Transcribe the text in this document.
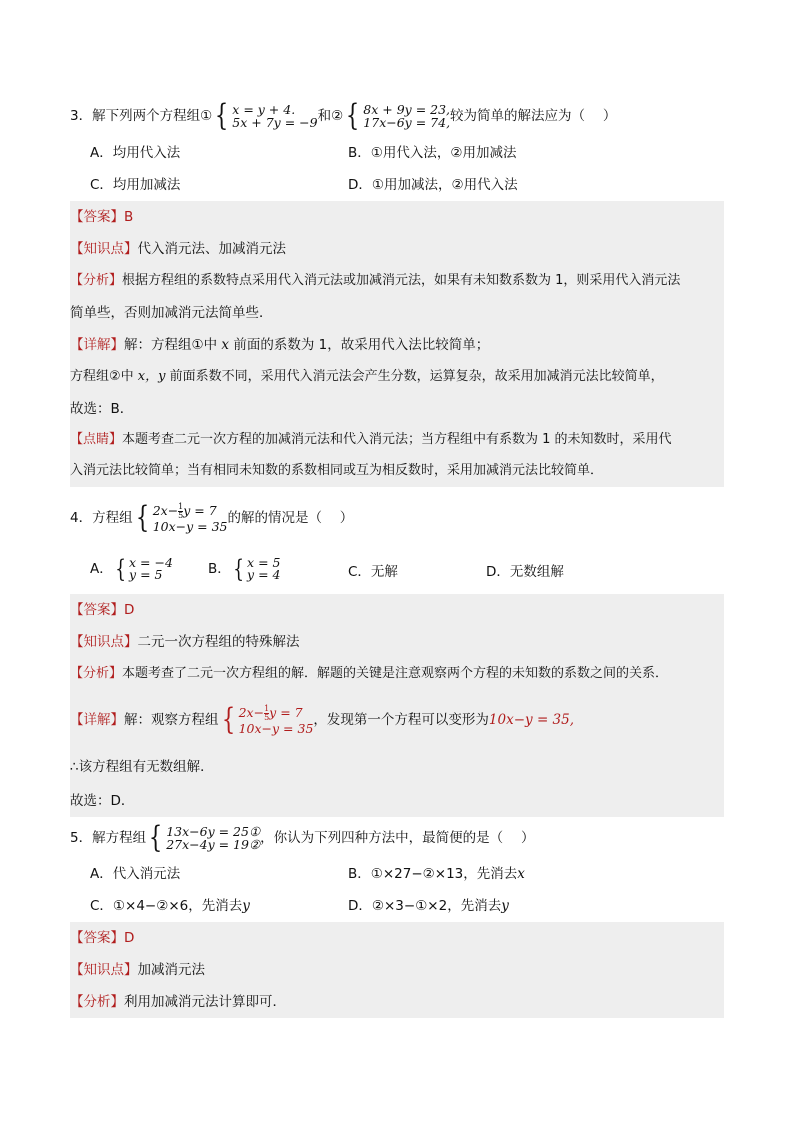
3．解下列两个方程组①{ x = y + 4.
5x + 7y = −9 和②{ 8x + 9y = 23,
17x−6y = 74, 较为简单的解法应为（　 ）
A．均用代入法	B．①用代入法，②用加减法
C．均用加减法	D．①用加减法，②用代入法
【答案】B
【知识点】代入消元法、加减消元法
【分析】根据方程组的系数特点采用代入消元法或加减消元法，如果有未知数系数为 1，则采用代入消元法
简单些，否则加减消元法简单些．
【详解】解：方程组①中 x 前面的系数为 1，故采用代入法比较简单；
方程组②中 x，y 前面系数不同，采用代入消元法会产生分数，运算复杂，故采用加减消元法比较简单，
故选：B．
【点睛】本题考查二元一次方程的加减消元法和代入消元法；当方程组中有系数为 1 的未知数时，采用代
入消元法比较简单；当有相同未知数的系数相同或互为相反数时，采用加减消元法比较简单．
4．方程组{ $2x- \frac{1}{5}$ y = 7
10x−y = 35
的解的情况是（　 ）
A．{ x = −4
y = 5	B．{ x = 5
y = 4	C．无解	D．无数组解
【答案】D
【知识点】二元一次方程组的特殊解法
【分析】本题考查了二元一次方程组的解．解题的关键是注意观察两个方程的未知数的系数之间的关系．
【详解】解：观察方程组{ $2x- \frac{1}{5}$ y = 7
10x−y = 35 ，发现第一个方程可以变形为10x−y = 35,
∴该方程组有无数组解．
故选：D．
5．解方程组{ 13x−6y = 25①
27x−4y = 19② ，你认为下列四种方法中，最简便的是（　 ）
A．代入消元法	B．①×27−②×13，先消去x
C．①×4−②×6，先消去y	D．②×3−①×2，先消去y
【答案】D
【知识点】加减消元法
【分析】利用加减消元法计算即可．
